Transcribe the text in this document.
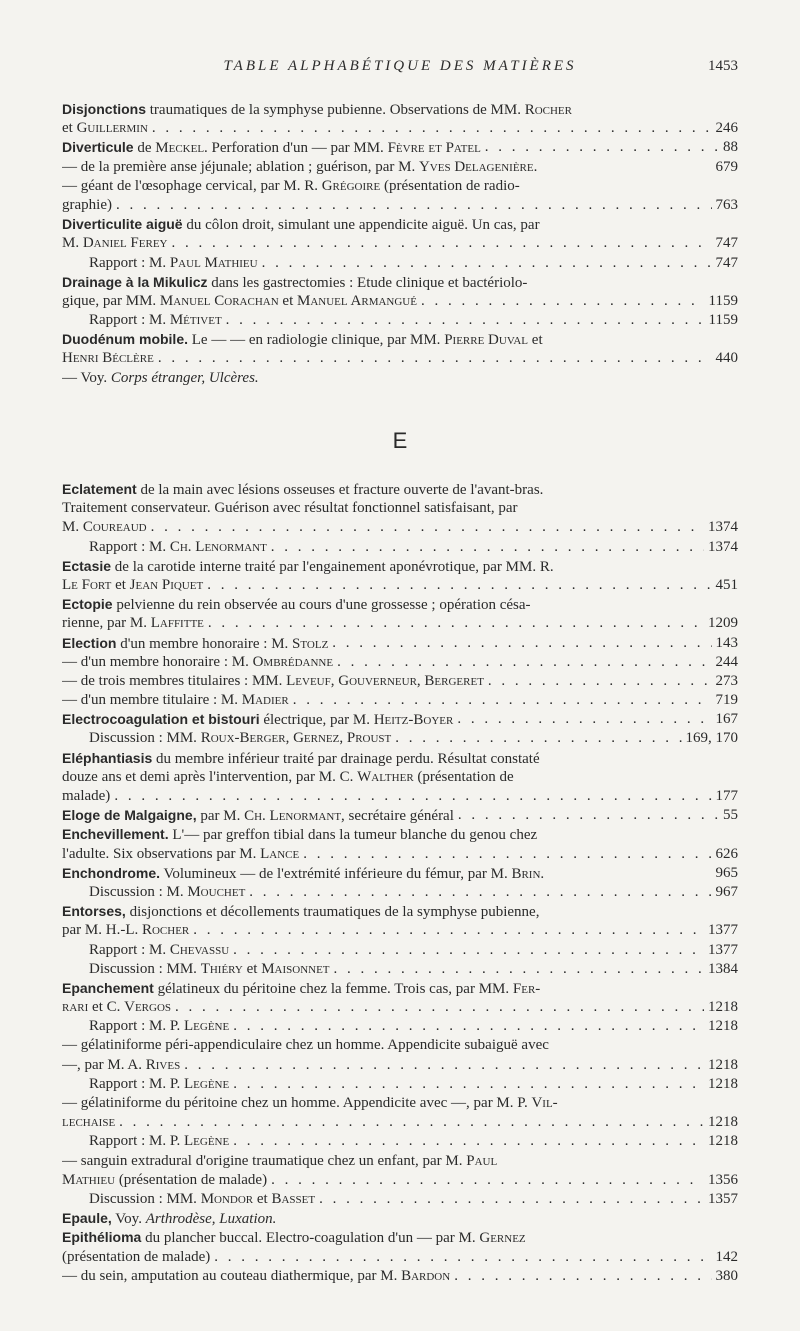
TABLE ALPHABÉTIQUE DES MATIÈRES	1453
Disjonctions traumatiques de la symphyse pubienne. Observations de MM. Rocher
et Guillermin . . .	246
Diverticule de Meckel. Perforation d'un — par MM. Fèvre et Patel . . .	88
— de la première anse jéjunale; ablation ; guérison, par M. Yves Delagenière.	679
— géant de l'œsophage cervical, par M. R. Grégoire (présentation de radio-
graphie) . . .	763
Diverticulite aiguë du côlon droit, simulant une appendicite aiguë. Un cas, par
M. Daniel Ferey . . .	747
Rapport : M. Paul Mathieu . . .	747
Drainage à la Mikulicz dans les gastrectomies : Etude clinique et bactériolo-
gique, par MM. Manuel Corachan et Manuel Armangué . . .	1159
Rapport : M. Métivet . . .	1159
Duodénum mobile. Le — — en radiologie clinique, par MM. Pierre Duval et
Henri Béclère . . .	440
— Voy. Corps étranger, Ulcères.
E
Eclatement de la main avec lésions osseuses et fracture ouverte de l'avant-bras.
Traitement conservateur. Guérison avec résultat fonctionnel satisfaisant, par
M. Coureaud . . .	1374
Rapport : M. Ch. Lenormant . . .	1374
Ectasie de la carotide interne traité par l'engainement aponévrotique, par MM. R.
Le Fort et Jean Piquet . . .	451
Ectopie pelvienne du rein observée au cours d'une grossesse ; opération césa-
rienne, par M. Laffitte . . .	1209
Election d'un membre honoraire : M. Stolz . . .	143
— d'un membre honoraire : M. Ombrédanne . . .	244
— de trois membres titulaires : MM. Leveuf, Gouverneur, Bergeret . . .	273
— d'un membre titulaire : M. Madier . . .	719
Electrocoagulation et bistouri électrique, par M. Heitz-Boyer . . .	167
Discussion : MM. Roux-Berger, Gernez, Proust . . .	169, 170
Eléphantiasis du membre inférieur traité par drainage perdu. Résultat constaté
douze ans et demi après l'intervention, par M. C. Walther (présentation de
malade) . . .	177
Eloge de Malgaigne, par M. Ch. Lenormant, secrétaire général . . .	55
Enchevillement. L'— par greffon tibial dans la tumeur blanche du genou chez
l'adulte. Six observations par M. Lance . . .	626
Enchondrome. Volumineux — de l'extrémité inférieure du fémur, par M. Brin.	965
Discussion : M. Mouchet . . .	967
Entorses, disjonctions et décollements traumatiques de la symphyse pubienne,
par M. H.-L. Rocher . . .	1377
Rapport : M. Chevassu . . .	1377
Discussion : MM. Thiéry et Maisonnet . . .	1384
Epanchement gélatineux du péritoine chez la femme. Trois cas, par MM. Fer-
rari et C. Vergos . . .	1218
Rapport : M. P. Legène . . .	1218
— gélatiniforme péri-appendiculaire chez un homme. Appendicite subaiguë avec
—, par M. A. Rives . . .	1218
Rapport : M. P. Legène . . .	1218
— gélatiniforme du péritoine chez un homme. Appendicite avec —, par M. P. Vil-
lechaise . . .	1218
Rapport : M. P. Legène . . .	1218
— sanguin extradural d'origine traumatique chez un enfant, par M. Paul
Mathieu (présentation de malade) . . .	1356
Discussion : MM. Mondor et Basset . . .	1357
Epaule, Voy. Arthrodèse, Luxation.
Epithélioma du plancher buccal. Electro-coagulation d'un — par M. Gernez
(présentation de malade) . . .	142
— du sein, amputation au couteau diathermique, par M. Bardon . . .	380
